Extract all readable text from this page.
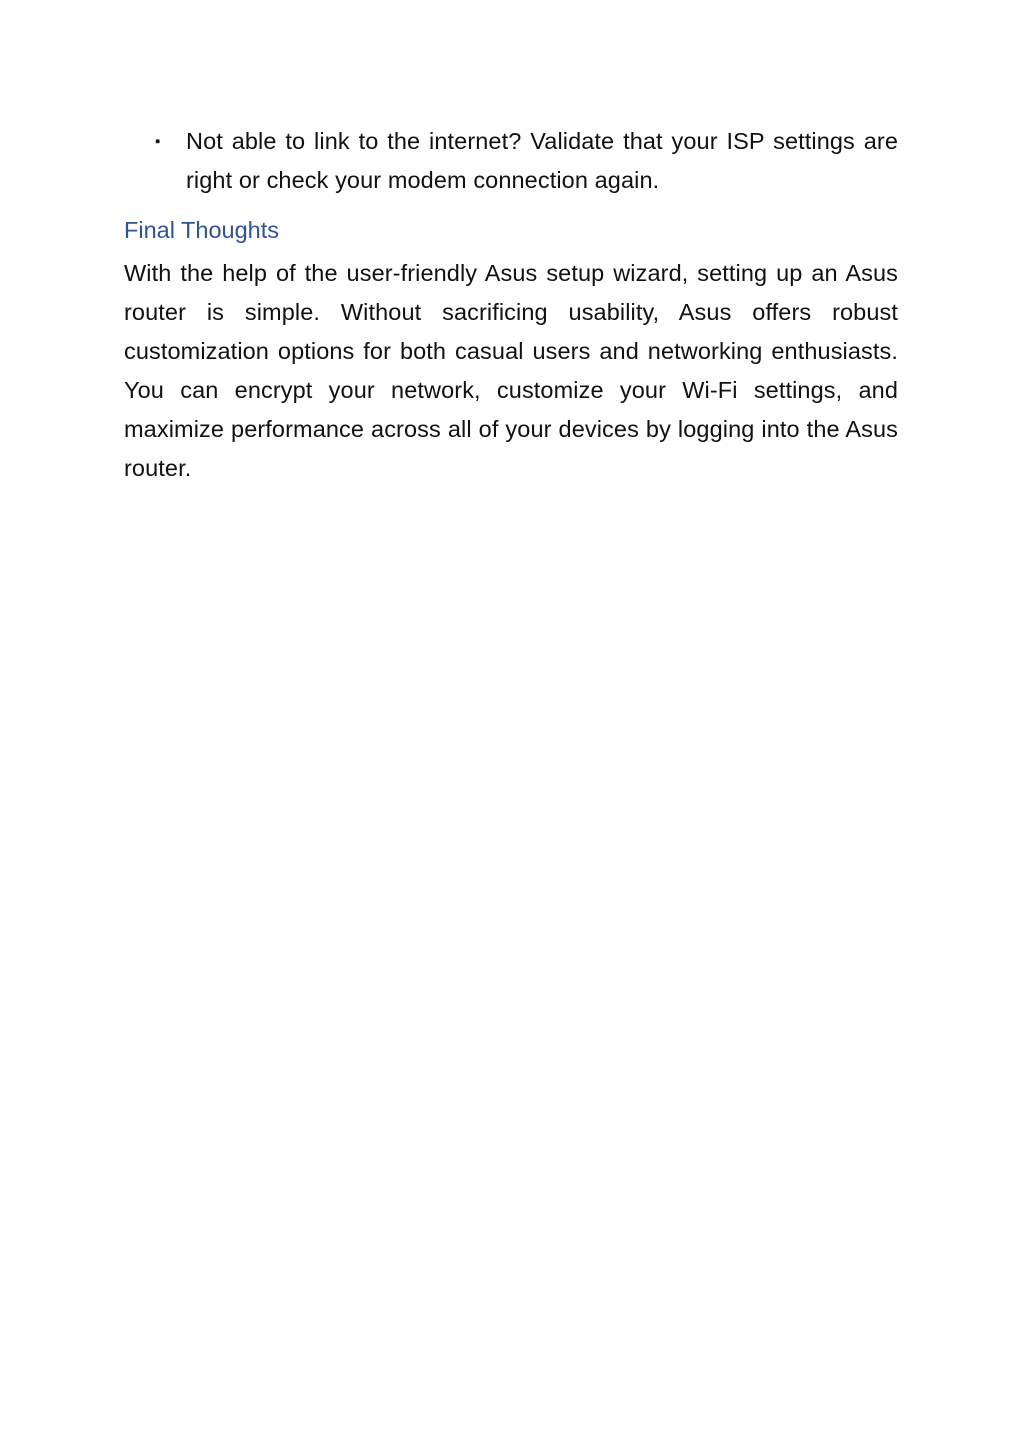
▪ Not able to link to the internet? Validate that your ISP settings are right or check your modem connection again.
Final Thoughts

With the help of the user-friendly Asus setup wizard, setting up an Asus router is simple. Without sacrificing usability, Asus offers robust customization options for both casual users and networking enthusiasts. You can encrypt your network, customize your Wi-Fi settings, and maximize performance across all of your devices by logging into the Asus router.
